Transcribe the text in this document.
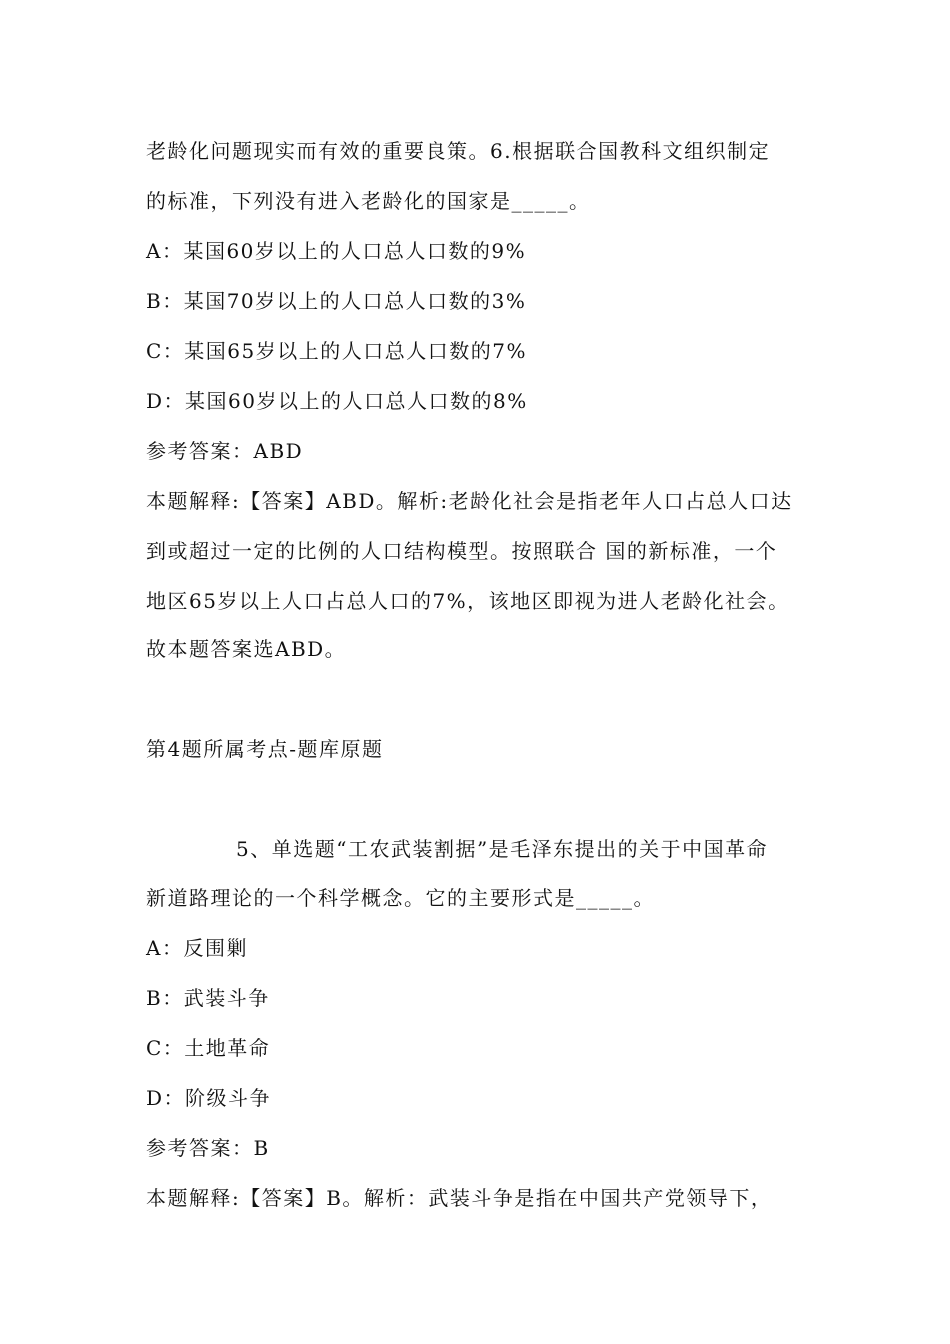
老龄化问题现实而有效的重要良策。6.根据联合国教科文组织制定
的标准，下列没有进入老龄化的国家是_____。
A：某国60岁以上的人口总人口数的9%
B：某国70岁以上的人口总人口数的3%
C：某国65岁以上的人口总人口数的7%
D：某国60岁以上的人口总人口数的8%
参考答案：ABD
本题解释:【答案】ABD。解析:老龄化社会是指老年人口占总人口达
到或超过一定的比例的人口结构模型。按照联合 国的新标准，一个
地区65岁以上人口占总人口的7%，该地区即视为进人老龄化社会。
故本题答案选ABD。
第4题所属考点-题库原题
5、单选题“工农武装割据”是毛泽东提出的关于中国革命
新道路理论的一个科学概念。它的主要形式是_____。
A：反围剿
B：武装斗争
C：土地革命
D：阶级斗争
参考答案：B
本题解释:【答案】B。解析：武装斗争是指在中国共产党领导下，
